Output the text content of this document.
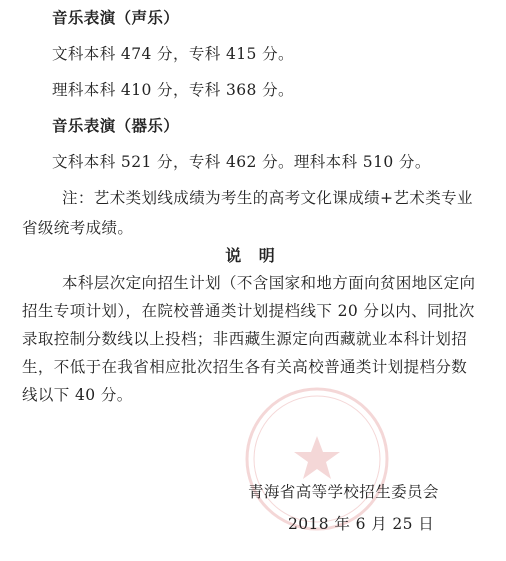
音乐表演（声乐）
文科本科 474 分，专科 415 分。
理科本科 410 分，专科 368 分。
音乐表演（器乐）
文科本科 521 分，专科 462 分。理科本科 510 分。
注：艺术类划线成绩为考生的高考文化课成绩+艺术类专业
省级统考成绩。
说 明
本科层次定向招生计划（不含国家和地方面向贫困地区定向
招生专项计划），在院校普通类计划提档线下 20 分以内、同批次
录取控制分数线以上投档；非西藏生源定向西藏就业本科计划招
生，不低于在我省相应批次招生各有关高校普通类计划提档分数
线以下 40 分。
青海省高等学校招生委员会
2018 年 6 月 25 日
